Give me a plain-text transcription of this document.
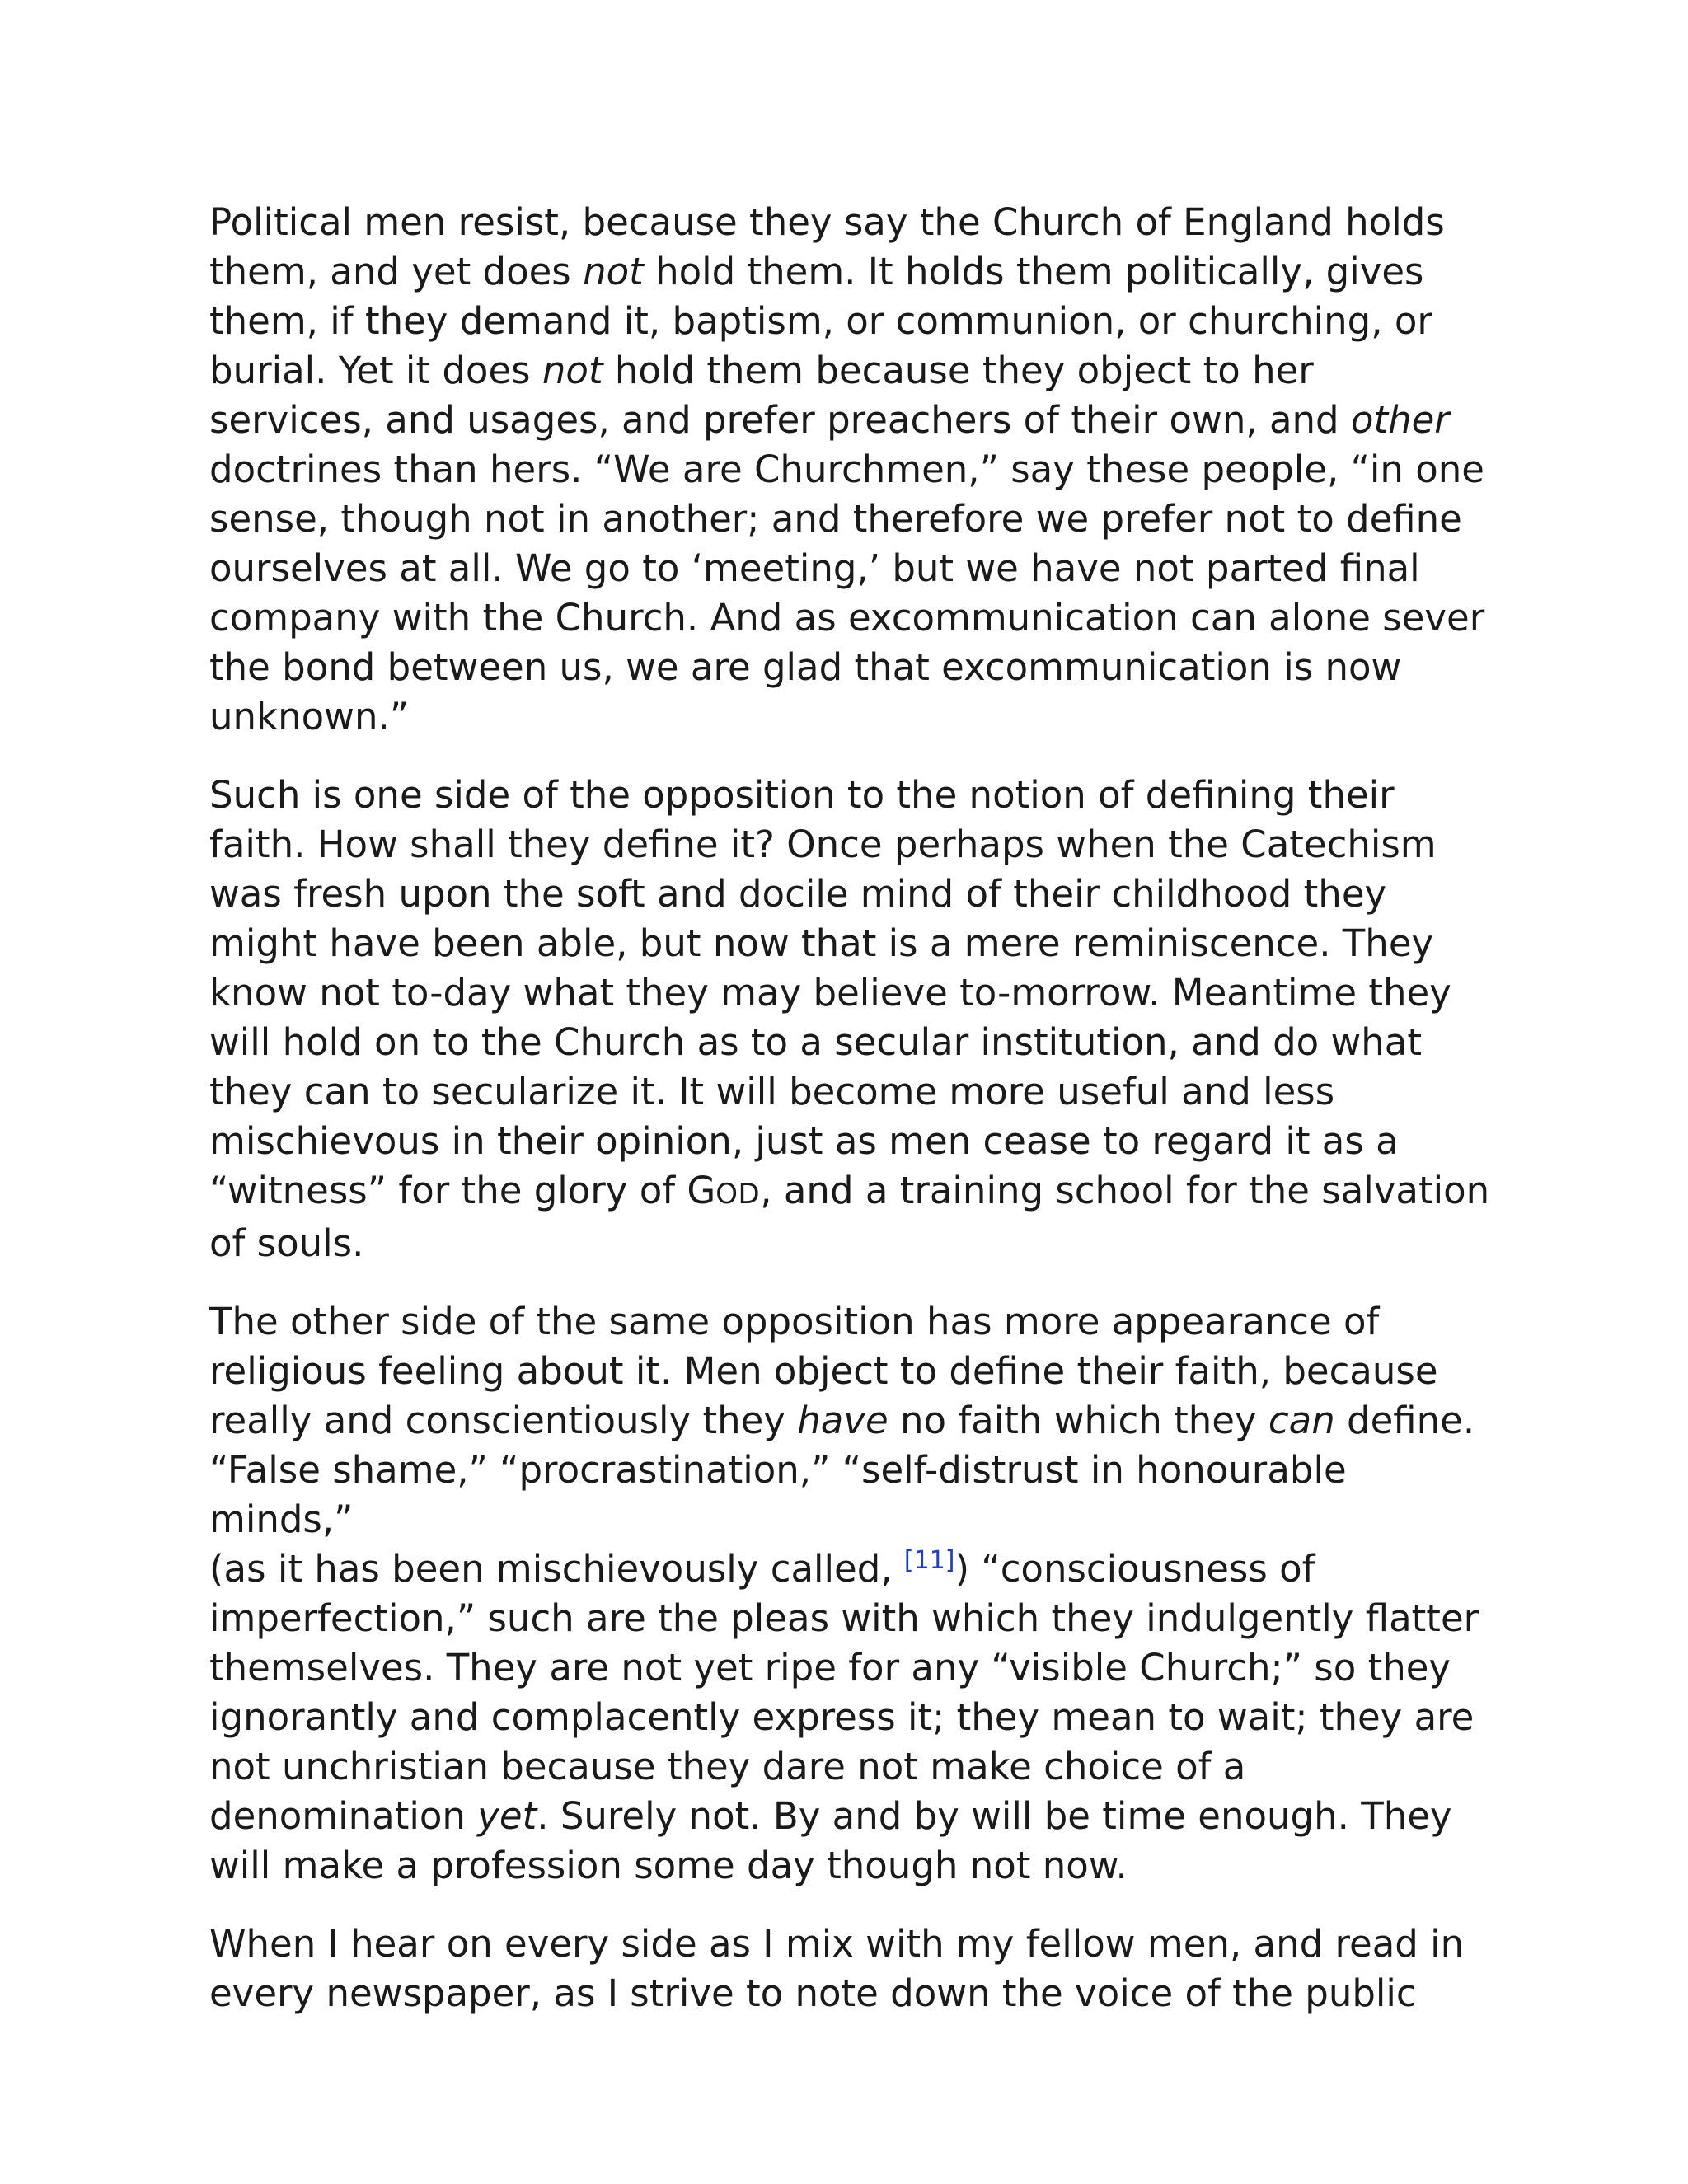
Political men resist, because they say the Church of England holds
them, and yet does not hold them. It holds them politically, gives
them, if they demand it, baptism, or communion, or churching, or
burial. Yet it does not hold them because they object to her
services, and usages, and prefer preachers of their own, and other
doctrines than hers. “We are Churchmen,” say these people, “in one
sense, though not in another; and therefore we prefer not to define
ourselves at all. We go to ‘meeting,’ but we have not parted final
company with the Church. And as excommunication can alone sever
the bond between us, we are glad that excommunication is now
unknown.”

Such is one side of the opposition to the notion of defining their
faith. How shall they define it? Once perhaps when the Catechism
was fresh upon the soft and docile mind of their childhood they
might have been able, but now that is a mere reminiscence. They
know not to-day what they may believe to-morrow. Meantime they
will hold on to the Church as to a secular institution, and do what
they can to secularize it. It will become more useful and less
mischievous in their opinion, just as men cease to regard it as a
“witness” for the glory of GOD, and a training school for the salvation
of souls.

The other side of the same opposition has more appearance of
religious feeling about it. Men object to define their faith, because
really and conscientiously they have no faith which they can define.
“False shame,” “procrastination,” “self-distrust in honourable minds,”
(as it has been mischievously called, [11]) “consciousness of
imperfection,” such are the pleas with which they indulgently flatter
themselves. They are not yet ripe for any “visible Church;” so they
ignorantly and complacently express it; they mean to wait; they are
not unchristian because they dare not make choice of a
denomination yet. Surely not. By and by will be time enough. They
will make a profession some day though not now.

When I hear on every side as I mix with my fellow men, and read in
every newspaper, as I strive to note down the voice of the public
